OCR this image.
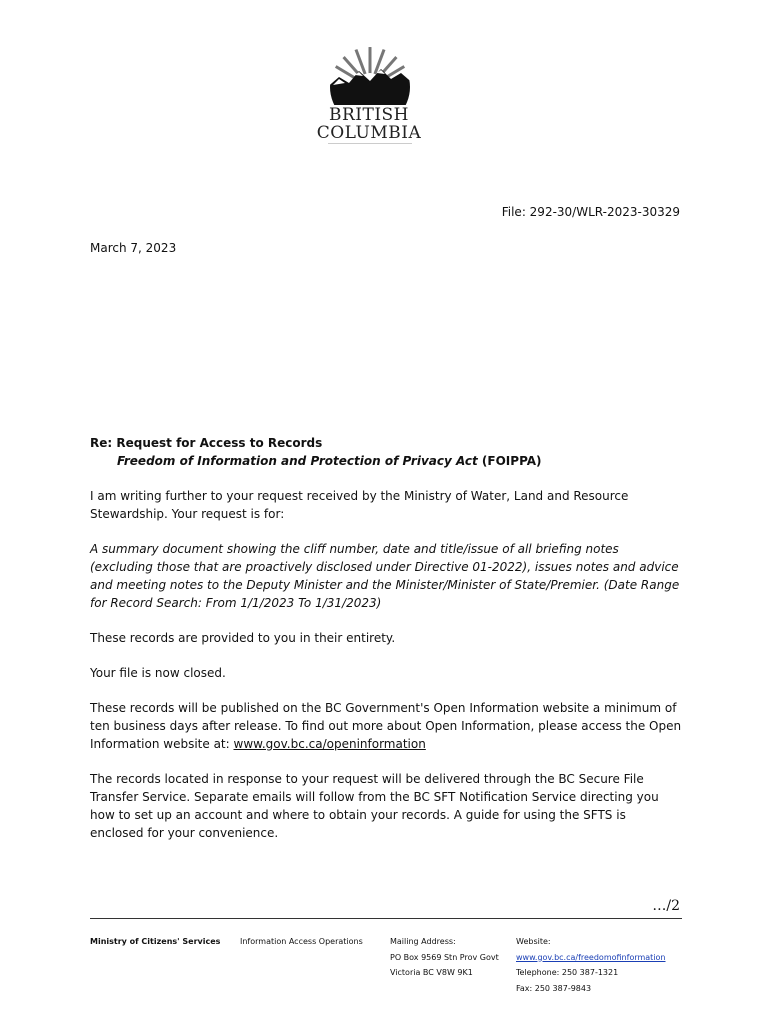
BRITISH
COLUMBIA
File: 292-30/WLR-2023-30329
March 7, 2023

Re: Request for Access to Records

Freedom of Information and Protection of Privacy Act (FOIPPA)

I am writing further to your request received by the Ministry of Water, Land and Resource Stewardship. Your request is for:

A summary document showing the cliff number, date and title/issue of all briefing notes (excluding those that are proactively disclosed under Directive 01-2022), issues notes and advice and meeting notes to the Deputy Minister and the Minister/Minister of State/Premier. (Date Range for Record Search: From 1/1/2023 To 1/31/2023)

These records are provided to you in their entirety.

Your file is now closed.

These records will be published on the BC Government's Open Information website a minimum of ten business days after release. To find out more about Open Information, please access the Open Information website at: www.gov.bc.ca/openinformation

The records located in response to your request will be delivered through the BC Secure File Transfer Service. Separate emails will follow from the BC SFT Notification Service directing you how to set up an account and where to obtain your records. A guide for using the SFTS is enclosed for your convenience.

…/2
Ministry of Citizens' Services Information Access Operations	Mailing Address:
PO Box 9569 Stn Prov Govt
Victoria BC V8W 9K1
Website:
www.gov.bc.ca/freedomofinformation
Telephone: 250 387-1321
Fax: 250 387-9843
